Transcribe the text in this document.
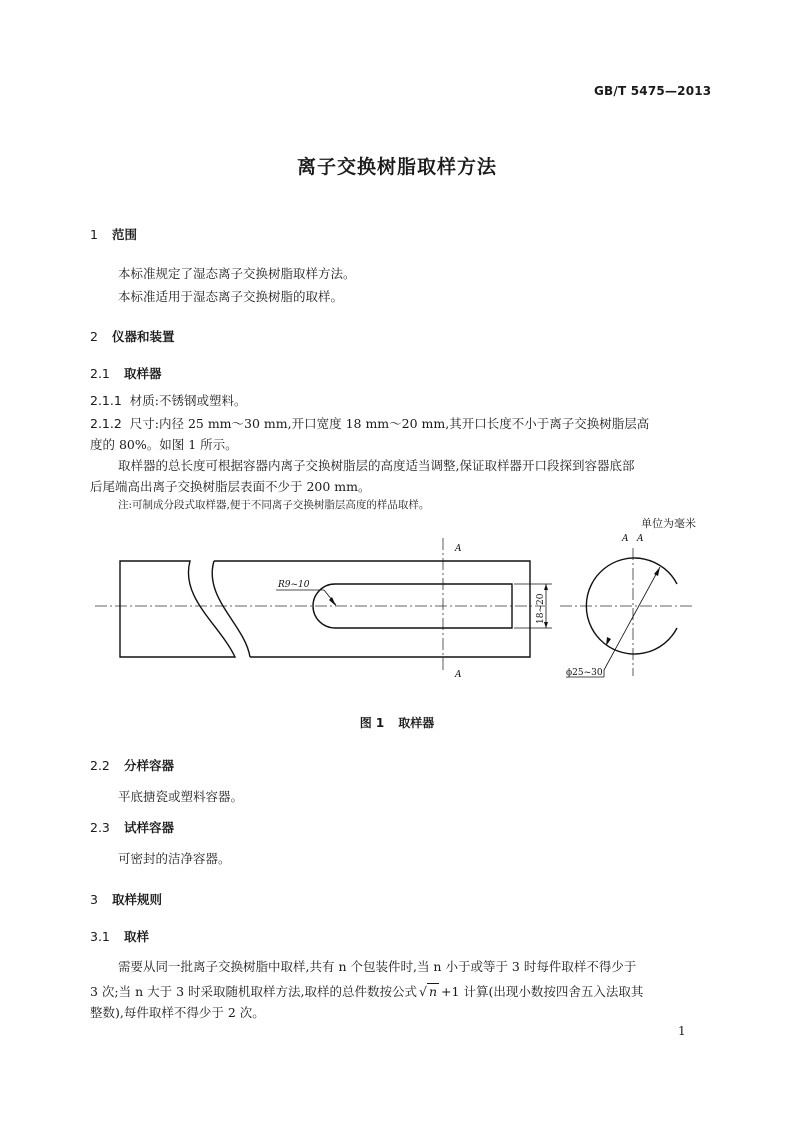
GB/T 5475—2013
离子交换树脂取样方法
1 范围
本标准规定了湿态离子交换树脂取样方法。
本标准适用于湿态离子交换树脂的取样。
2 仪器和装置
2.1 取样器
2.1.1 材质:不锈钢或塑料。
2.1.2 尺寸:内径 25 mm～30 mm,开口宽度 18 mm～20 mm,其开口长度不小于离子交换树脂层高
度的 80%。如图 1 所示。
取样器的总长度可根据容器内离子交换树脂层的高度适当调整,保证取样器开口段探到容器底部
后尾端高出离子交换树脂层表面不少于 200 mm。
注:可制成分段式取样器,便于不同离子交换树脂层高度的样品取样。
单位为毫米
R9~10
18~20
A
A
A A
ϕ25~30
图 1 取样器
2.2 分样容器
平底搪瓷或塑料容器。
2.3 试样容器
可密封的洁净容器。
3 取样规则
3.1 取样
需要从同一批离子交换树脂中取样,共有 n 个包装件时,当 n 小于或等于 3 时每件取样不得少于
3 次;当 n 大于 3 时采取随机取样方法,取样的总件数按公式 √ n +1 计算(出现小数按四舍五入法取其
整数),每件取样不得少于 2 次。
1
